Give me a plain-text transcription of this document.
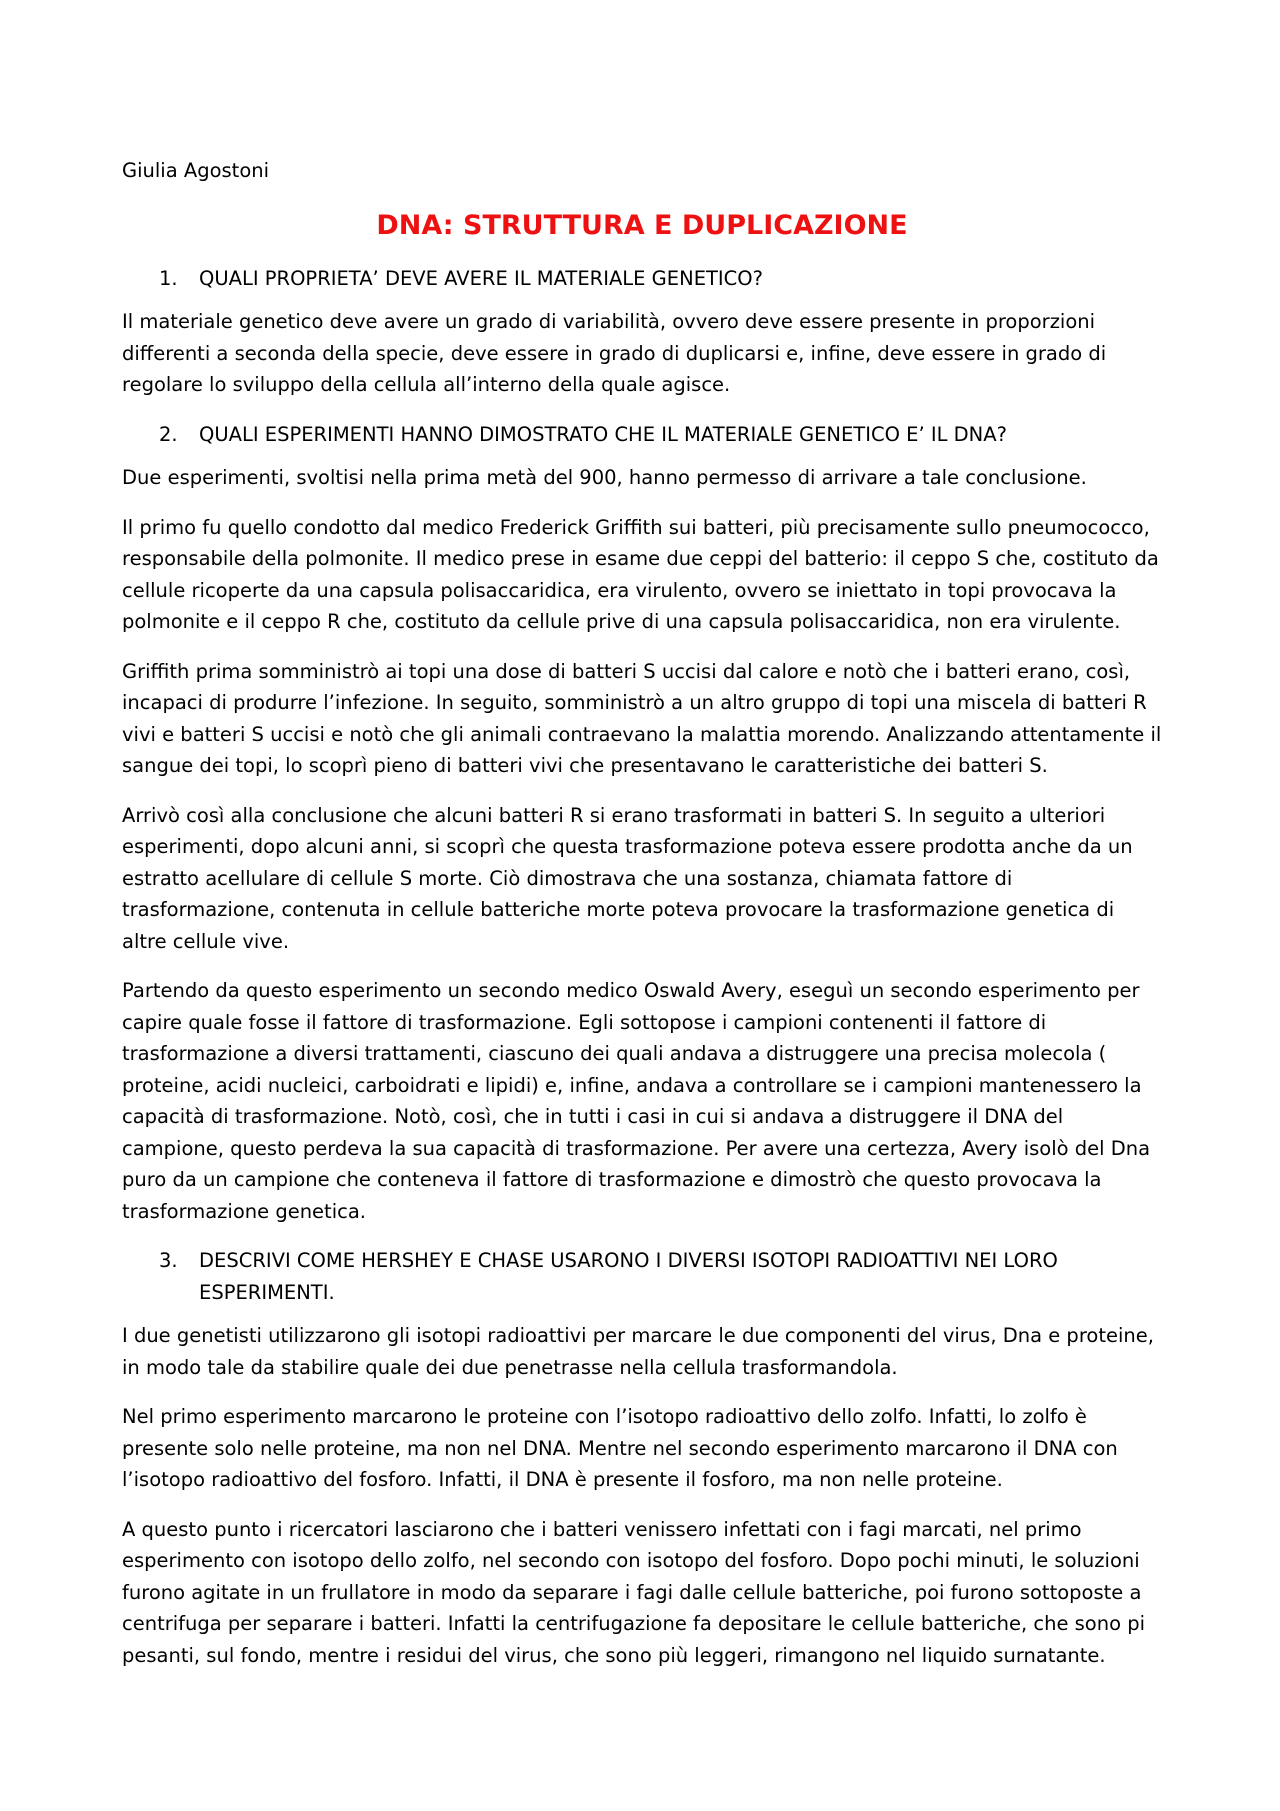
Giulia Agostoni
DNA: STRUTTURA E DUPLICAZIONE
1.	QUALI PROPRIETA’ DEVE AVERE IL MATERIALE GENETICO?

Il materiale genetico deve avere un grado di variabilità, ovvero deve essere presente in proporzioni differenti a seconda della specie, deve essere in grado di duplicarsi e, infine, deve essere in grado di regolare lo sviluppo della cellula all’interno della quale agisce.

2.	QUALI ESPERIMENTI HANNO DIMOSTRATO CHE IL MATERIALE GENETICO E’ IL DNA?

Due esperimenti, svoltisi nella prima metà del 900, hanno permesso di arrivare a tale conclusione.

Il primo fu quello condotto dal medico Frederick Griffith sui batteri, più precisamente sullo pneumococco, responsabile della polmonite. Il medico prese in esame due ceppi del batterio: il ceppo S che, costituto da cellule ricoperte da una capsula polisaccaridica, era virulento, ovvero se iniettato in topi provocava la polmonite e il ceppo R che, costituto da cellule prive di una capsula polisaccaridica, non era virulente.

Griffith prima somministrò ai topi una dose di batteri S uccisi dal calore e notò che i batteri erano, così, incapaci di produrre l’infezione. In seguito, somministrò a un altro gruppo di topi una miscela di batteri R vivi e batteri S uccisi e notò che gli animali contraevano la malattia morendo. Analizzando attentamente il sangue dei topi, lo scoprì pieno di batteri vivi che presentavano le caratteristiche dei batteri S.

Arrivò così alla conclusione che alcuni batteri R si erano trasformati in batteri S. In seguito a ulteriori esperimenti, dopo alcuni anni, si scoprì che questa trasformazione poteva essere prodotta anche da un estratto acellulare di cellule S morte. Ciò dimostrava che una sostanza, chiamata fattore di trasformazione, contenuta in cellule batteriche morte poteva provocare la trasformazione genetica di altre cellule vive.

Partendo da questo esperimento un secondo medico Oswald Avery, eseguì un secondo esperimento per capire quale fosse il fattore di trasformazione. Egli sottopose i campioni contenenti il fattore di trasformazione a diversi trattamenti, ciascuno dei quali andava a distruggere una precisa molecola ( proteine, acidi nucleici, carboidrati e lipidi) e, infine, andava a controllare se i campioni mantenessero la capacità di trasformazione. Notò, così, che in tutti i casi in cui si andava a distruggere il DNA del campione, questo perdeva la sua capacità di trasformazione. Per avere una certezza, Avery isolò del Dna puro da un campione che conteneva il fattore di trasformazione e dimostrò che questo provocava la trasformazione genetica.

3.	DESCRIVI COME HERSHEY E CHASE USARONO I DIVERSI ISOTOPI RADIOATTIVI NEI LORO ESPERIMENTI.

I due genetisti utilizzarono gli isotopi radioattivi per marcare le due componenti del virus, Dna e proteine, in modo tale da stabilire quale dei due penetrasse nella cellula trasformandola.

Nel primo esperimento marcarono le proteine con l’isotopo radioattivo dello zolfo. Infatti, lo zolfo è presente solo nelle proteine, ma non nel DNA. Mentre nel secondo esperimento marcarono il DNA con l’isotopo radioattivo del fosforo. Infatti, il DNA è presente il fosforo, ma non nelle proteine.

A questo punto i ricercatori lasciarono che i batteri venissero infettati con i fagi marcati, nel primo esperimento con isotopo dello zolfo, nel secondo con isotopo del fosforo. Dopo pochi minuti, le soluzioni furono agitate in un frullatore in modo da separare i fagi dalle cellule batteriche, poi furono sottoposte a centrifuga per separare i batteri. Infatti la centrifugazione fa depositare le cellule batteriche, che sono pi pesanti, sul fondo, mentre i residui del virus, che sono più leggeri, rimangono nel liquido surnatante.
